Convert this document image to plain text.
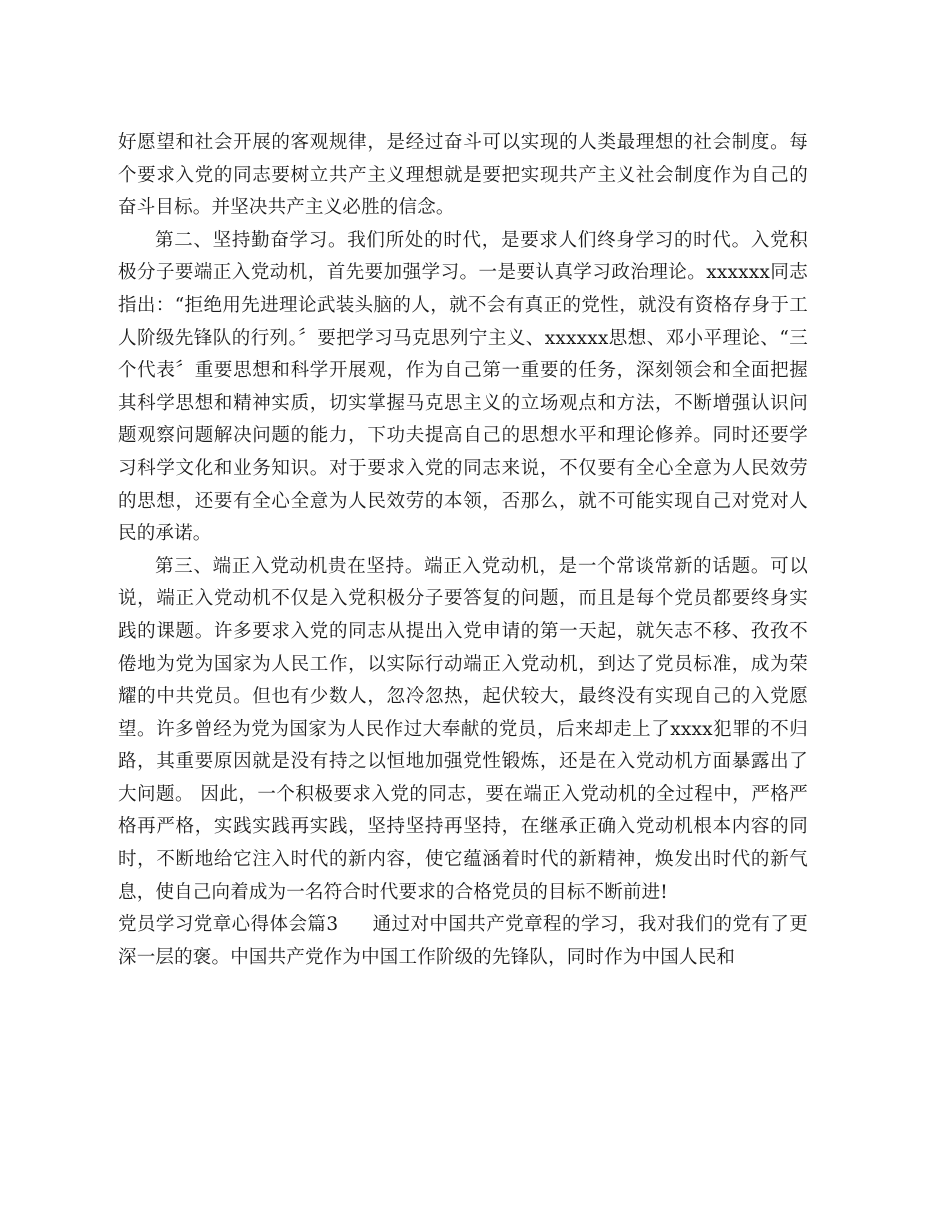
好愿望和社会开展的客观规律，是经过奋斗可以实现的人类最理想的社会制度。每个要求入党的同志要树立共产主义理想就是要把实现共产主义社会制度作为自己的奋斗目标。并坚决共产主义必胜的信念。

第二、坚持勤奋学习。我们所处的时代，是要求人们终身学习的时代。入党积极分子要端正入党动机，首先要加强学习。一是要认真学习政治理论。xxxxxx同志指出：“拒绝用先进理论武装头脑的人，就不会有真正的党性，就没有资格存身于工人阶级先锋队的行列。〞要把学习马克思列宁主义、xxxxxx思想、邓小平理论、“三个代表〞重要思想和科学开展观，作为自己第一重要的任务，深刻领会和全面把握其科学思想和精神实质，切实掌握马克思主义的立场观点和方法，不断增强认识问题观察问题解决问题的能力，下功夫提高自己的思想水平和理论修养。同时还要学习科学文化和业务知识。对于要求入党的同志来说，不仅要有全心全意为人民效劳的思想，还要有全心全意为人民效劳的本领，否那么，就不可能实现自己对党对人民的承诺。

第三、端正入党动机贵在坚持。端正入党动机，是一个常谈常新的话题。可以说，端正入党动机不仅是入党积极分子要答复的问题，而且是每个党员都要终身实践的课题。许多要求入党的同志从提出入党申请的第一天起，就矢志不移、孜孜不倦地为党为国家为人民工作，以实际行动端正入党动机，到达了党员标准，成为荣耀的中共党员。但也有少数人，忽冷忽热，起伏较大，最终没有实现自己的入党愿望。许多曾经为党为国家为人民作过大奉献的党员，后来却走上了xxxx犯罪的不归路，其重要原因就是没有持之以恒地加强党性锻炼，还是在入党动机方面暴露出了大问题。 因此，一个积极要求入党的同志，要在端正入党动机的全过程中，严格严格再严格，实践实践再实践，坚持坚持再坚持，在继承正确入党动机根本内容的同时，不断地给它注入时代的新内容，使它蕴涵着时代的新精神，焕发出时代的新气息，使自己向着成为一名符合时代要求的合格党员的目标不断前进!

党员学习党章心得体会篇3 通过对中国共产党章程的学习，我对我们的党有了更深一层的褒。中国共产党作为中国工作阶级的先锋队，同时作为中国人民和
